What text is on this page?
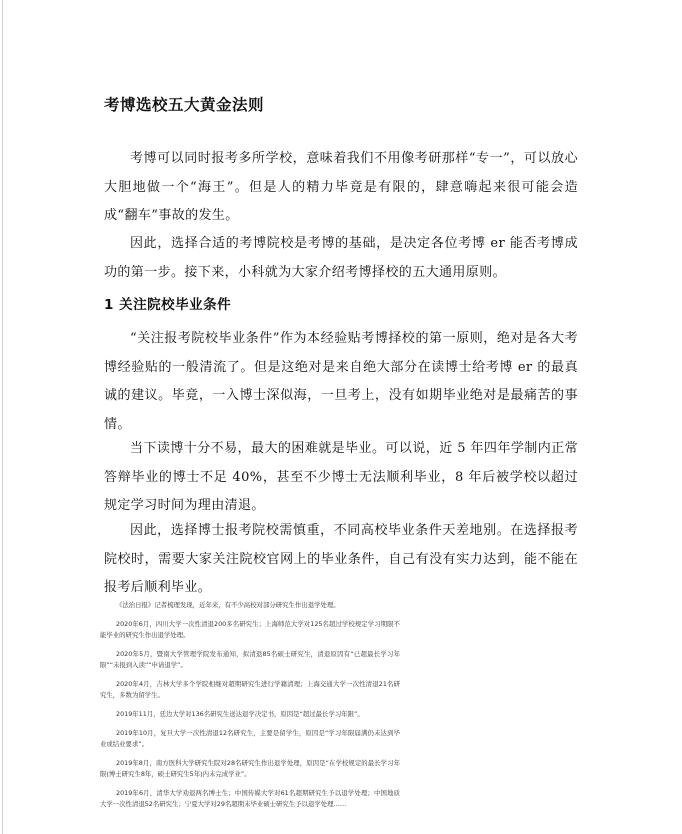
考博选校五大黄金法则

考博可以同时报考多所学校，意味着我们不用像考研那样“专一”，可以放心大胆地做一个“海王”。但是人的精力毕竟是有限的，肆意嗨起来很可能会造成“翻车”事故的发生。

因此，选择合适的考博院校是考博的基础，是决定各位考博 er 能否考博成功的第一步。接下来，小科就为大家介绍考博择校的五大通用原则。

1 关注院校毕业条件

“关注报考院校毕业条件”作为本经验贴考博择校的第一原则，绝对是各大考博经验贴的一般清流了。但是这绝对是来自绝大部分在读博士给考博 er 的最真诚的建议。毕竟，一入博士深似海，一旦考上，没有如期毕业绝对是最痛苦的事情。

当下读博十分不易，最大的困难就是毕业。可以说，近 5 年四年学制内正常答辩毕业的博士不足 40%，甚至不少博士无法顺利毕业，8 年后被学校以超过规定学习时间为理由清退。

因此，选择博士报考院校需慎重，不同高校毕业条件天差地别。在选择报考院校时，需要大家关注院校官网上的毕业条件，自己有没有实力达到，能不能在报考后顺利毕业。

《法治日报》记者梳理发现，近年来，有不少高校对部分研究生作出退学处理。

2020年6月，四川大学一次性清退200多名研究生；上海师范大学对125名超过学校规定学习期限不能毕业的研究生作出退学处理。

2020年5月，暨南大学管理学院发布通知，拟清退85名硕士研究生，清退原因有“已超最长学习年限”“未报到入读”“申请退学”。

2020年4月，吉林大学多个学院相继对超期研究生进行学籍清理；上海交通大学一次性清退21名研究生，多数为留学生。

2019年11月，廷边大学对136名研究生送达退学决定书，原因是“超过最长学习年限”。

2019年10月，复旦大学一次性清退12名研究生，主要是留学生，原因是“学习年限届满仍未达到毕业或结业要求”。

2019年8月，南方医科大学研究生院对28名研究生作出退学处理，原因是“在学校规定的最长学习年限(博士研究生8年，硕士研究生5年)内未完成学业”。

2019年6月，清华大学劝退两名博士生；中国传媒大学对61名超期研究生予以退学处理；中国地质大学一次性清退52名研究生；宁夏大学对29名超期未毕业硕士研究生予以退学处理……
